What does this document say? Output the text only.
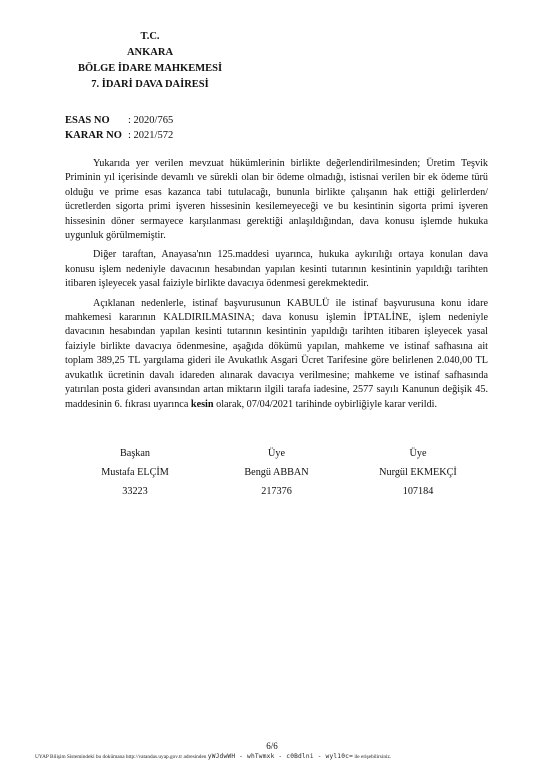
T.C.
ANKARA
BÖLGE İDARE MAHKEMESİ
7. İDARİ DAVA DAİRESİ
ESAS NO : 2020/765
KARAR NO : 2021/572

Yukarıda yer verilen mevzuat hükümlerinin birlikte değerlendirilmesinden; Üretim Teşvik Priminin yıl içerisinde devamlı ve sürekli olan bir ödeme olmadığı, istisnai verilen bir ek ödeme türü olduğu ve prime esas kazanca tabi tutulacağı, bununla birlikte çalışanın hak ettiği gelirlerden/ücretlerden sigorta primi işveren hissesinin kesilemeyeceği ve bu kesintinin sigorta primi işveren hissesinin döner sermayece karşılanması gerektiği anlaşıldığından, dava konusu işlemde hukuka uygunluk görülmemiştir.

Diğer taraftan, Anayasa'nın 125.maddesi uyarınca, hukuka aykırılığı ortaya konulan dava konusu işlem nedeniyle davacının hesabından yapılan kesinti tutarının kesintinin yapıldığı tarihten itibaren işleyecek yasal faiziyle birlikte davacıya ödenmesi gerekmektedir.

Açıklanan nedenlerle, istinaf başvurusunun KABULÜ ile istinaf başvurusuna konu idare mahkemesi kararının KALDIRILMASINA; dava konusu işlemin İPTALİNE, işlem nedeniyle davacının hesabından yapılan kesinti tutarının kesintinin yapıldığı tarihten itibaren işleyecek yasal faiziyle birlikte davacıya ödenmesine, aşağıda dökümü yapılan, mahkeme ve istinaf safhasına ait toplam 389,25 TL yargılama gideri ile Avukatlık Asgari Ücret Tarifesine göre belirlenen 2.040,00 TL avukatlık ücretinin davalı idareden alınarak davacıya verilmesine; mahkeme ve istinaf safhasında yatırılan posta gideri avansından artan miktarın ilgili tarafa iadesine, 2577 sayılı Kanunun değişik 45. maddesinin 6. fıkrası uyarınca kesin olarak, 07/04/2021 tarihinde oybirliğiyle karar verildi.

Başkan
Mustafa ELÇİM
33223
Üye
Bengü ABBAN
217376
Üye
Nurgül EKMEKÇİ
107184
6/6
UYAP Bilişim Sistemindeki bu dokümana http://vatandas.uyap.gov.tr adresinden yWJdwWH - whTwmxk - c0Bdlni - wyl10c= ile erişebilirsiniz.
